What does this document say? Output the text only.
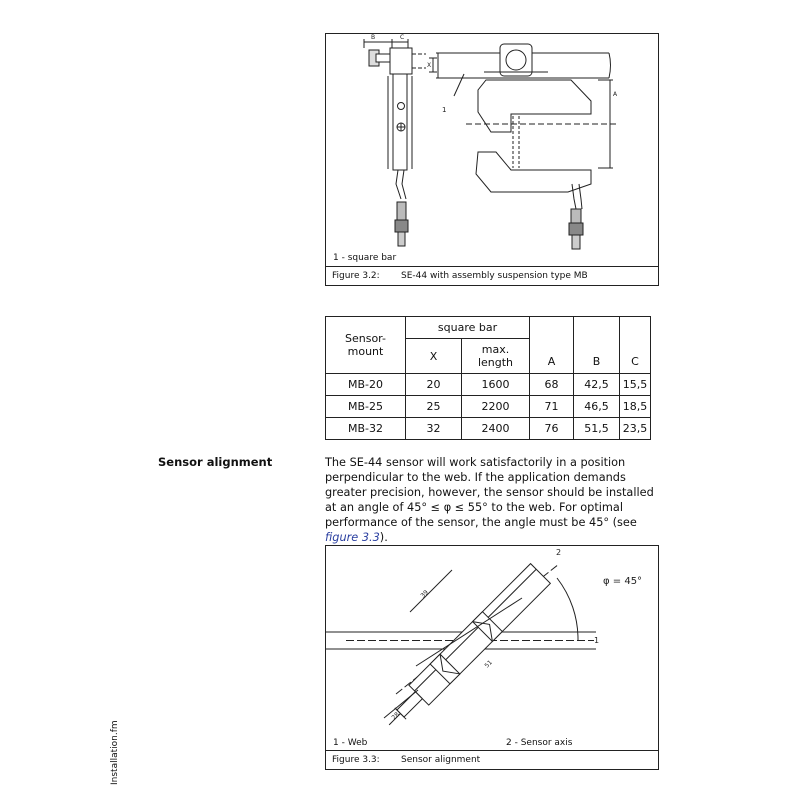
B	C
X
A
1
1 - square bar
Figure 3.2: SE-44 with assembly suspension type MB
Sensor- mount	square bar		A	B	C
	X	max. length			
MB-20	20	1600	68	42,5	15,5
MB-25	25	2200	71	46,5	18,5
MB-32	32	2400	76	51,5	23,5
Sensor alignment	The SE-44 sensor will work satisfactorily in a position perpendicular to the web. If the application demands greater precision, however, the sensor should be installed at an angle of 45° ≤ φ ≤ 55° to the web. For optimal performance of the sensor, the angle must be 45° (see figure 3.3).
2
1
φ = 45°
39
51
28
1 - Web	2 - Sensor axis
Figure 3.3: Sensor alignment
Installation.fm
